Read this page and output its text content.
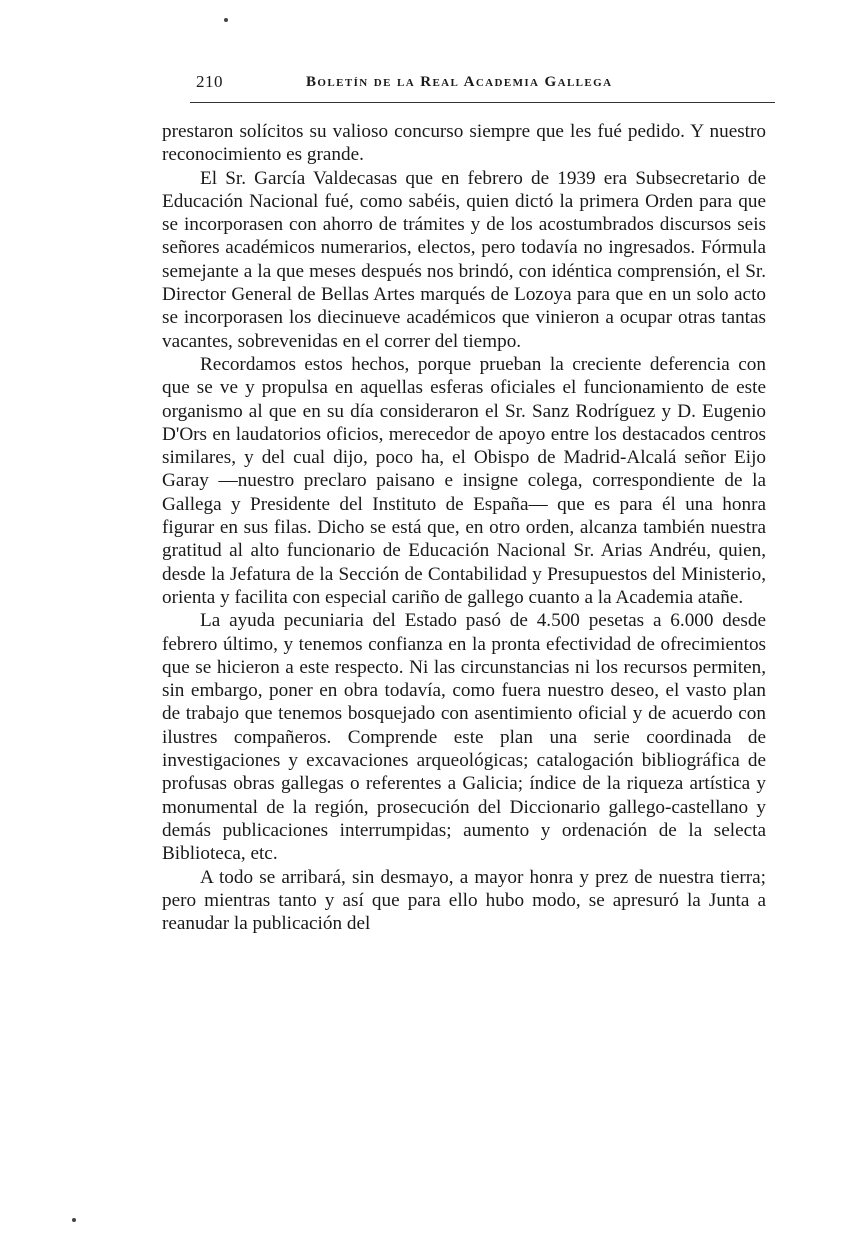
210	Boletín de la Real Academia Gallega

prestaron solícitos su valioso concurso siempre que les fué pedido. Y nuestro reconocimiento es grande.

El Sr. García Valdecasas que en febrero de 1939 era Subsecretario de Educación Nacional fué, como sabéis, quien dictó la primera Orden para que se incorporasen con ahorro de trámites y de los acostumbrados discursos seis señores académicos numerarios, electos, pero todavía no ingresados. Fórmula semejante a la que meses después nos brindó, con idéntica comprensión, el Sr. Director General de Bellas Artes marqués de Lozoya para que en un solo acto se incorporasen los diecinueve académicos que vinieron a ocupar otras tantas vacantes, sobrevenidas en el correr del tiempo.

Recordamos estos hechos, porque prueban la creciente deferencia con que se ve y propulsa en aquellas esferas oficiales el funcionamiento de este organismo al que en su día consideraron el Sr. Sanz Rodríguez y D. Eugenio D'Ors en laudatorios oficios, merecedor de apoyo entre los destacados centros similares, y del cual dijo, poco ha, el Obispo de Madrid-Alcalá señor Eijo Garay —nuestro preclaro paisano e insigne colega, correspondiente de la Gallega y Presidente del Instituto de España— que es para él una honra figurar en sus filas. Dicho se está que, en otro orden, alcanza también nuestra gratitud al alto funcionario de Educación Nacional Sr. Arias Andréu, quien, desde la Jefatura de la Sección de Contabilidad y Presupuestos del Ministerio, orienta y facilita con especial cariño de gallego cuanto a la Academia atañe.

La ayuda pecuniaria del Estado pasó de 4.500 pesetas a 6.000 desde febrero último, y tenemos confianza en la pronta efectividad de ofrecimientos que se hicieron a este respecto. Ni las circunstancias ni los recursos permiten, sin embargo, poner en obra todavía, como fuera nuestro deseo, el vasto plan de trabajo que tenemos bosquejado con asentimiento oficial y de acuerdo con ilustres compañeros. Comprende este plan una serie coordinada de investigaciones y excavaciones arqueológicas; catalogación bibliográfica de profusas obras gallegas o referentes a Galicia; índice de la riqueza artística y monumental de la región, prosecución del Diccionario gallego-castellano y demás publicaciones interrumpidas; aumento y ordenación de la selecta Biblioteca, etc.

A todo se arribará, sin desmayo, a mayor honra y prez de nuestra tierra; pero mientras tanto y así que para ello hubo modo, se apresuró la Junta a reanudar la publicación del
